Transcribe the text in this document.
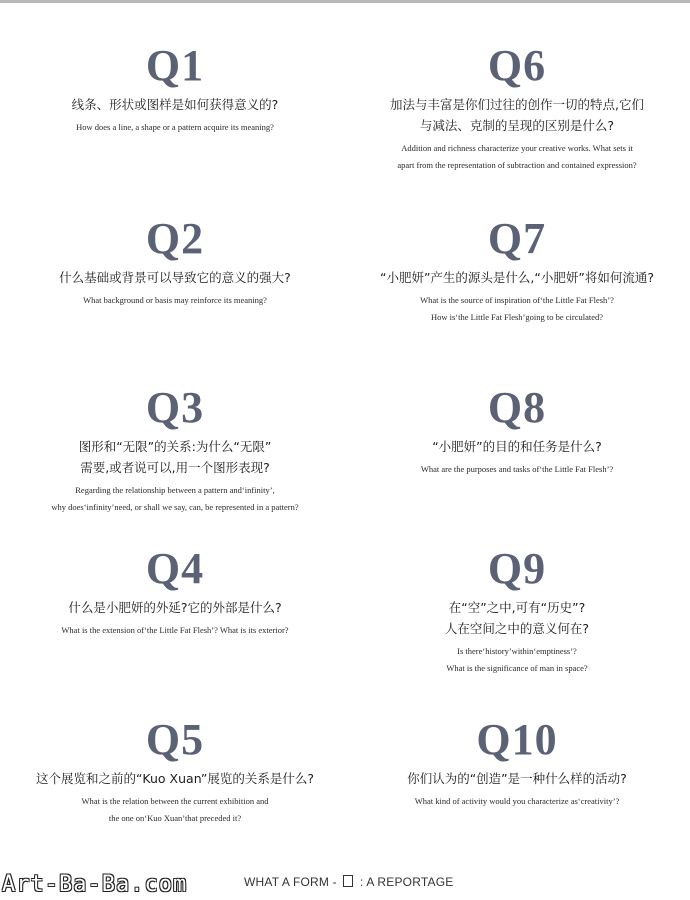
Q1
线条、形状或图样是如何获得意义的?
How does a line, a shape or a pattern acquire its meaning?
Q2
什么基础或背景可以导致它的意义的强大?
What background or basis may reinforce its meaning?
Q3
图形和“无限”的关系:为什么“无限”
需要,或者说可以,用一个图形表现?
Regarding the relationship between a pattern and‘infinity’,
why does‘infinity’need, or shall we say, can, be represented in a pattern?
Q4
什么是小肥妍的外延?它的外部是什么?
What is the extension of‘the Little Fat Flesh’? What is its exterior?
Q5
这个展览和之前的“Kuo Xuan”展览的关系是什么?
What is the relation between the current exhibition and
the one on‘Kuo Xuan’that preceded it?
Q6
加法与丰富是你们过往的创作一切的特点,它们
与减法、克制的呈现的区别是什么?
Addition and richness characterize your creative works. What sets it
apart from the representation of subtraction and contained expression?
Q7
“小肥妍”产生的源头是什么,“小肥妍”将如何流通?
What is the source of inspiration of‘the Little Fat Flesh’?
How is‘the Little Fat Flesh’going to be circulated?
Q8
“小肥妍”的目的和任务是什么?
What are the purposes and tasks of‘the Little Fat Flesh’?
Q9
在“空”之中,可有“历史”?
人在空间之中的意义何在?
Is there‘history’within‘emptiness’?
What is the significance of man in space?
Q10
你们认为的“创造”是一种什么样的活动?
What kind of activity would you characterize as‘creativity’?
WHAT A FORM - : A REPORTAGE
Art-Ba-Ba.com
